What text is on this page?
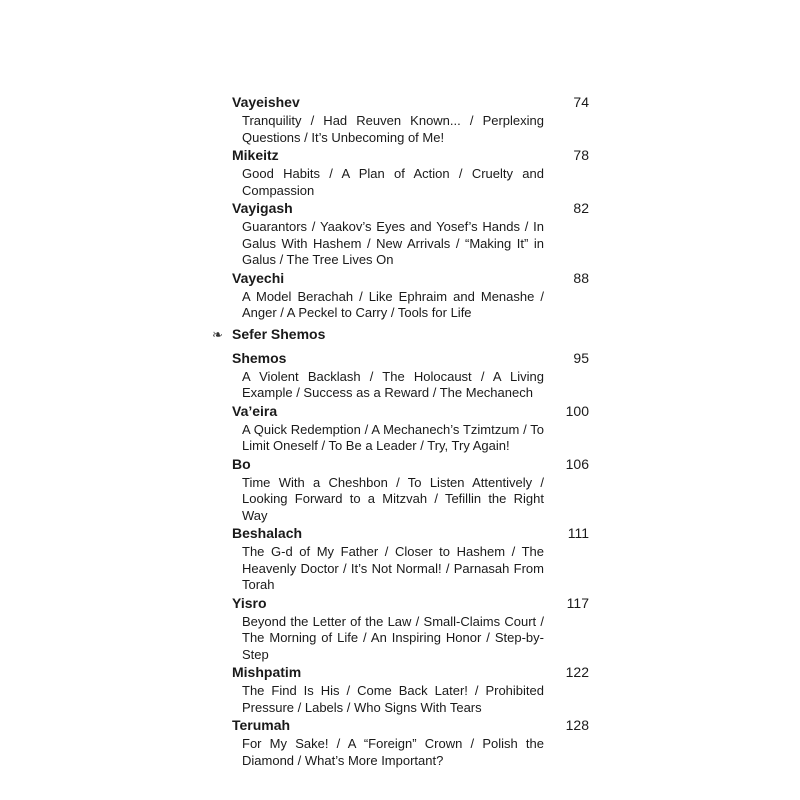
Vayeishev	74
Tranquility / Had Reuven Known... / Perplexing Questions / It’s Unbecoming of Me!
Mikeitz	78
Good Habits / A Plan of Action / Cruelty and Compassion
Vayigash	82
Guarantors / Yaakov’s Eyes and Yosef’s Hands / In Galus With Hashem / New Arrivals / “Making It” in Galus / The Tree Lives On
Vayechi	88
A Model Berachah / Like Ephraim and Menashe / Anger / A Peckel to Carry / Tools for Life
❧ Sefer Shemos
Shemos	95
A Violent Backlash / The Holocaust / A Living Example / Success as a Reward / The Mechanech
Va’eira	100
A Quick Redemption / A Mechanech’s Tzimtzum / To Limit Oneself / To Be a Leader / Try, Try Again!
Bo	106
Time With a Cheshbon / To Listen Attentively / Looking Forward to a Mitzvah / Tefillin the Right Way
Beshalach	111
The G-d of My Father / Closer to Hashem / The Heavenly Doctor / It’s Not Normal! / Parnasah From Torah
Yisro	117
Beyond the Letter of the Law / Small-Claims Court / The Morning of Life / An Inspiring Honor / Step-by-Step
Mishpatim	122
The Find Is His / Come Back Later! / Prohibited Pressure / Labels / Who Signs With Tears
Terumah	128
For My Sake! / A “Foreign” Crown / Polish the Diamond / What’s More Important?
